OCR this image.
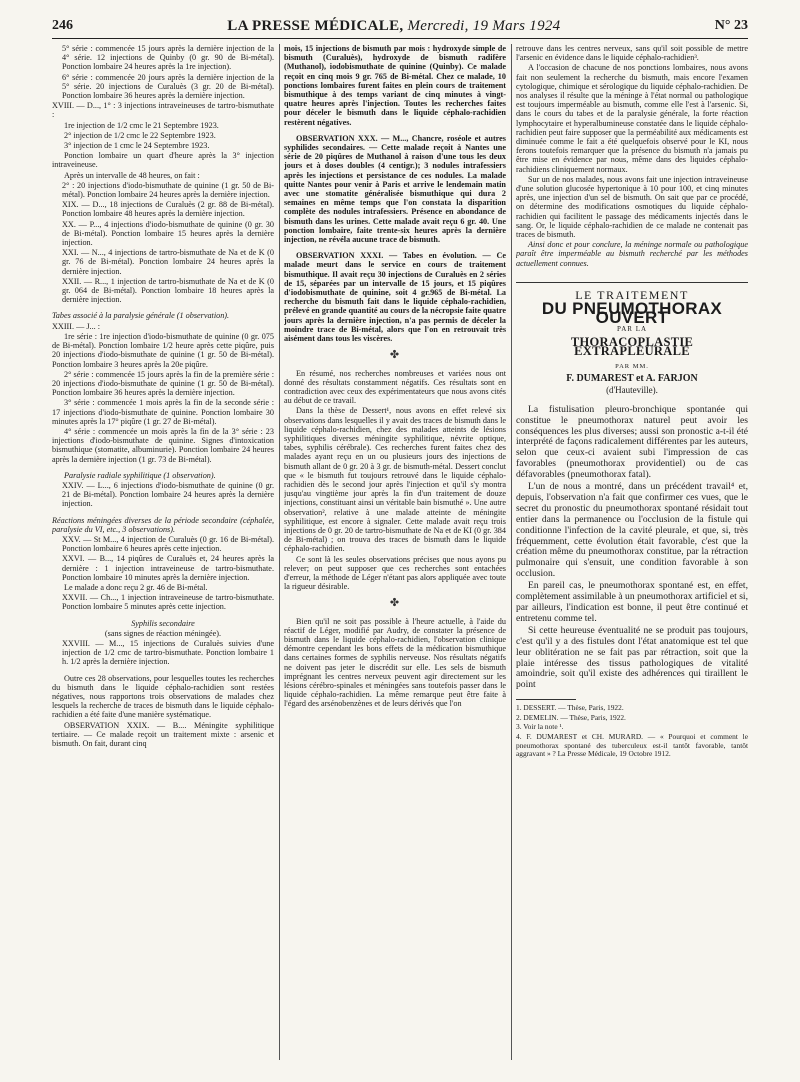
246	LA PRESSE MÉDICALE, Mercredi, 19 Mars 1924	N° 23

5° série : commencée 15 jours après la dernière injection de la 4° série. 12 injections de Quinby (0 gr. 90 de Bi-métal). Ponction lombaire 24 heures après la 1re injection).

6° série : commencée 20 jours après la dernière injection de la 5° série. 20 injections de Curaluès (3 gr. 20 de Bi-métal). Ponction lombaire 36 heures après la dernière injection.

XVIII. — D..., 1° : 3 injections intraveineuses de tartro-bismuthate :

1re injection de 1/2 cmc le 21 Septembre 1923.

2° injection de 1/2 cmc le 22 Septembre 1923.

3° injection de 1 cmc le 24 Septembre 1923.

Ponction lombaire un quart d'heure après la 3° injection intraveineuse.

Après un intervalle de 48 heures, on fait :

2° : 20 injections d'iodo-bismuthate de quinine (1 gr. 50 de Bi-métal). Ponction lombaire 24 heures après la dernière injection.

XIX. — D..., 18 injections de Curaluès (2 gr. 88 de Bi-métal). Ponction lombaire 48 heures après la dernière injection.

XX. — P..., 4 injections d'iodo-bismuthate de quinine (0 gr. 30 de Bi-métal). Ponction lombaire 15 heures après la dernière injection.

XXI. — N..., 4 injections de tartro-bismuthate de Na et de K (0 gr. 76 de Bi-métal). Ponction lombaire 24 heures après la dernière injection.

XXII. — R..., 1 injection de tartro-bismuthate de Na et de K (0 gr. 064 de Bi-métal). Ponction lombaire 18 heures après la dernière injection.

Tabes associé à la paralysie générale (1 observation).

XXIII. — J... :

1re série : 1re injection d'iodo-bismuthate de quinine (0 gr. 075 de Bi-métal). Ponction lombaire 1/2 heure après cette piqûre, puis 20 injections d'iodo-bismuthate de quinine (1 gr. 50 de Bi-métal). Ponction lombaire 3 heures après la 20e piqûre.

2° série : commencée 15 jours après la fin de la première série : 20 injections d'iodo-bismuthate de quinine (1 gr. 50 de Bi-métal). Ponction lombaire 36 heures après la dernière injection.

3° série : commencée 1 mois après la fin de la seconde série : 17 injections d'iodo-bismuthate de quinine. Ponction lombaire 30 minutes après la 17° piqûre (1 gr. 27 de Bi-métal).

4° série : commencée un mois après la fin de la 3° série : 23 injections d'iodo-bismuthate de quinine. Signes d'intoxication bismuthique (stomatite, albuminurie). Ponction lombaire 24 heures après la dernière injection (1 gr. 73 de Bi-métal).

Paralysie radiale syphilitique (1 observation).

XXIV. — L..., 6 injections d'iodo-bismuthate de quinine (0 gr. 21 de Bi-métal). Ponction lombaire 24 heures après la dernière injection.

Réactions méningées diverses de la période secondaire (céphalée, paralysie du VI, etc., 3 observations).

XXV. — St M..., 4 injection de Curaluès (0 gr. 16 de Bi-métal). Ponction lombaire 6 heures après cette injection.

XXVI. — B..., 14 piqûres de Curaluès et, 24 heures après la dernière : 1 injection intraveineuse de tartro-bismuthate. Ponction lombaire 10 minutes après la dernière injection.

Le malade a donc reçu 2 gr. 46 de Bi-métal.

XXVII. — Ch..., 1 injection intraveineuse de tartro-bismuthate. Ponction lombaire 5 minutes après cette injection.

Syphilis secondaire

(sans signes de réaction méningée).

XXVIII. — M..., 15 injections de Curaluès suivies d'une injection de 1/2 cmc de tartro-bismuthate. Ponction lombaire 1 h. 1/2 après la dernière injection.

Outre ces 28 observations, pour lesquelles toutes les recherches du bismuth dans le liquide céphalo-rachidien sont restées négatives, nous rapportons trois observations de malades chez lesquels la recherche de traces de bismuth dans le liquide céphalo-rachidien a été faite d'une manière systématique.

OBSERVATION XXIX. — B.... Méningite syphilitique tertiaire. — Ce malade reçoit un traitement mixte : arsenic et bismuth. On fait, durant cinq

mois, 15 injections de bismuth par mois : hydroxyde simple de bismuth (Curaluès), hydroxyde de bismuth radifère (Muthanol), iodobismuthate de quinine (Quinby). Ce malade reçoit en cinq mois 9 gr. 765 de Bi-métal. Chez ce malade, 10 ponctions lombaires furent faites en plein cours de traitement bismuthique à des temps variant de cinq minutes à vingt-quatre heures après l'injection. Toutes les recherches faites pour déceler le bismuth dans le liquide céphalo-rachidien restèrent négatives.

OBSERVATION XXX. — M..., Chancre, roséole et autres syphilides secondaires. — Cette malade reçoit à Nantes une série de 20 piqûres de Muthanol à raison d'une tous les deux jours et à doses doubles (4 centigr.); 3 nodules intrafessiers après les injections et persistance de ces nodules. La malade quitte Nantes pour venir à Paris et arrive le lendemain matin avec une stomatite généralisée bismuthique qui dura 2 semaines en même temps que l'on constata la disparition complète des nodules intrafessiers. Présence en abondance de bismuth dans les urines. Cette malade avait reçu 6 gr. 40. Une ponction lombaire, faite trente-six heures après la dernière injection, ne révéla aucune trace de bismuth.

OBSERVATION XXXI. — Tabes en évolution. — Ce malade meurt dans le service en cours de traitement bismuthique. Il avait reçu 30 injections de Curaluès en 2 séries de 15, séparées par un intervalle de 15 jours, et 15 piqûres d'iodobismuthate de quinine, soit 4 gr.965 de Bi-métal. La recherche du bismuth fait dans le liquide céphalo-rachidien, prélevé en grande quantité au cours de la nécropsie faite quatre jours après la dernière injection, n'a pas permis de déceler la moindre trace de Bi-métal, alors que l'on en retrouvait très aisément dans tous les viscères.

✤

En résumé, nos recherches nombreuses et variées nous ont donné des résultats constamment négatifs. Ces résultats sont en contradiction avec ceux des expérimentateurs que nous avons cités au début de ce travail.

Dans la thèse de Dessert¹, nous avons en effet relevé six observations dans lesquelles il y avait des traces de bismuth dans le liquide céphalo-rachidien, chez des malades atteints de lésions syphilitiques diverses méningite syphilitique, névrite optique, tabes, syphilis cérébrale). Ces recherches furent faites chez des malades ayant reçu en un ou plusieurs jours des injections de bismuth allant de 0 gr. 20 à 3 gr. de bismuth-métal. Dessert conclut que « le bismuth fut toujours retrouvé dans le liquide céphalo-rachidien dès le second jour après l'injection et qu'il s'y montra jusqu'au vingtième jour après la fin d'un traitement de douze injections, constituant ainsi un véritable bain bismuthé ». Une autre observation², relative à une malade atteinte de méningite syphilitique, est encore à signaler. Cette malade avait reçu trois injections de 0 gr. 20 de tartro-bismuthate de Na et de KI (0 gr. 384 de Bi-métal) ; on trouva des traces de bismuth dans le liquide céphalo-rachidien.

Ce sont là les seules observations précises que nous ayons pu relever; on peut supposer que ces recherches sont entachées d'erreur, la méthode de Léger n'étant pas alors appliquée avec toute la rigueur désirable.

✤

Bien qu'il ne soit pas possible à l'heure actuelle, à l'aide du réactif de Léger, modifié par Audry, de constater la présence de bismuth dans le liquide céphalo-rachidien, l'observation clinique démontre cependant les bons effets de la médication bismuthique dans certaines formes de syphilis nerveuse. Nos résultats négatifs ne doivent pas jeter le discrédit sur elle. Les sels de bismuth imprégnant les centres nerveux peuvent agir directement sur les lésions cérébro-spinales et méningées sans toutefois passer dans le liquide céphalo-rachidien. La même remarque peut être faite à l'égard des arsénobenzènes et de leurs dérivés que l'on

retrouve dans les centres nerveux, sans qu'il soit possible de mettre l'arsenic en évidence dans le liquide céphalo-rachidien³.

A l'occasion de chacune de nos ponctions lombaires, nous avons fait non seulement la recherche du bismuth, mais encore l'examen cytologique, chimique et sérologique du liquide céphalo-rachidien. De nos analyses il résulte que la méninge à l'état normal ou pathologique est toujours imperméable au bismuth, comme elle l'est à l'arsenic. Si, dans le cours du tabes et de la paralysie générale, la forte réaction lymphocytaire et hyperalbumineuse constatée dans le liquide céphalo-rachidien peut faire supposer que la perméabilité aux médicaments est diminuée comme le fait a été quelquefois observé pour le KI, nous ferons toutefois remarquer que la présence du bismuth n'a jamais pu être mise en évidence par nous, même dans des liquides céphalo-rachidiens cliniquement normaux.

Sur un de nos malades, nous avons fait une injection intraveineuse d'une solution glucosée hypertonique à 10 pour 100, et cinq minutes après, une injection d'un sel de bismuth. On sait que par ce procédé, on détermine des modifications osmotiques du liquide céphalo-rachidien qui facilitent le passage des médicaments injectés dans le sang. Or, le liquide céphalo-rachidien de ce malade ne contenait pas traces de bismuth.

Ainsi donc et pour conclure, la méninge normale ou pathologique paraît être imperméable au bismuth recherché par les méthodes actuellement connues.

LE TRAITEMENT
DU PNEUMOTHORAX OUVERT
PAR LA
THORACOPLASTIE EXTRAPLEURALE
PAR MM.
F. DUMAREST et A. FARJON
(d'Hauteville).

La fistulisation pleuro-bronchique spontanée qui constitue le pneumothorax naturel peut avoir les conséquences les plus diverses; aussi son pronostic a-t-il été interprété de façons radicalement différentes par les auteurs, selon que ceux-ci avaient subi l'impression de cas favorables (pneumothorax providentiel) ou de cas défavorables (pneumothorax fatal).

L'un de nous a montré, dans un précédent travail⁴ et, depuis, l'observation n'a fait que confirmer ces vues, que le secret du pronostic du pneumothorax spontané résidait tout entier dans la permanence ou l'occlusion de la fistule qui conditionne l'infection de la cavité pleurale, et que, si, très fréquemment, cette évolution était favorable, c'est que la création même du pneumothorax constitue, par la rétraction pulmonaire qui s'ensuit, une condition favorable à son occlusion.

En pareil cas, le pneumothorax spontané est, en effet, complètement assimilable à un pneumothorax artificiel et si, par ailleurs, l'indication est bonne, il peut être continué et entretenu comme tel.

Si cette heureuse éventualité ne se produit pas toujours, c'est qu'il y a des fistules dont l'état anatomique est tel que leur oblitération ne se fait pas par rétraction, soit que la plaie intéresse des tissus pathologiques de vitalité amoindrie, soit qu'il existe des adhérences qui tiraillent le point

1. DESSERT. — Thèse, Paris, 1922.

2. DEMELIN. — Thèse, Paris, 1922.

3. Voir la note ¹.

4. F. DUMAREST et CH. MURARD. — « Pourquoi et comment le pneumothorax spontané des tuberculeux est-il tantôt favorable, tantôt aggravant » ? La Presse Médicale, 19 Octobre 1912.
